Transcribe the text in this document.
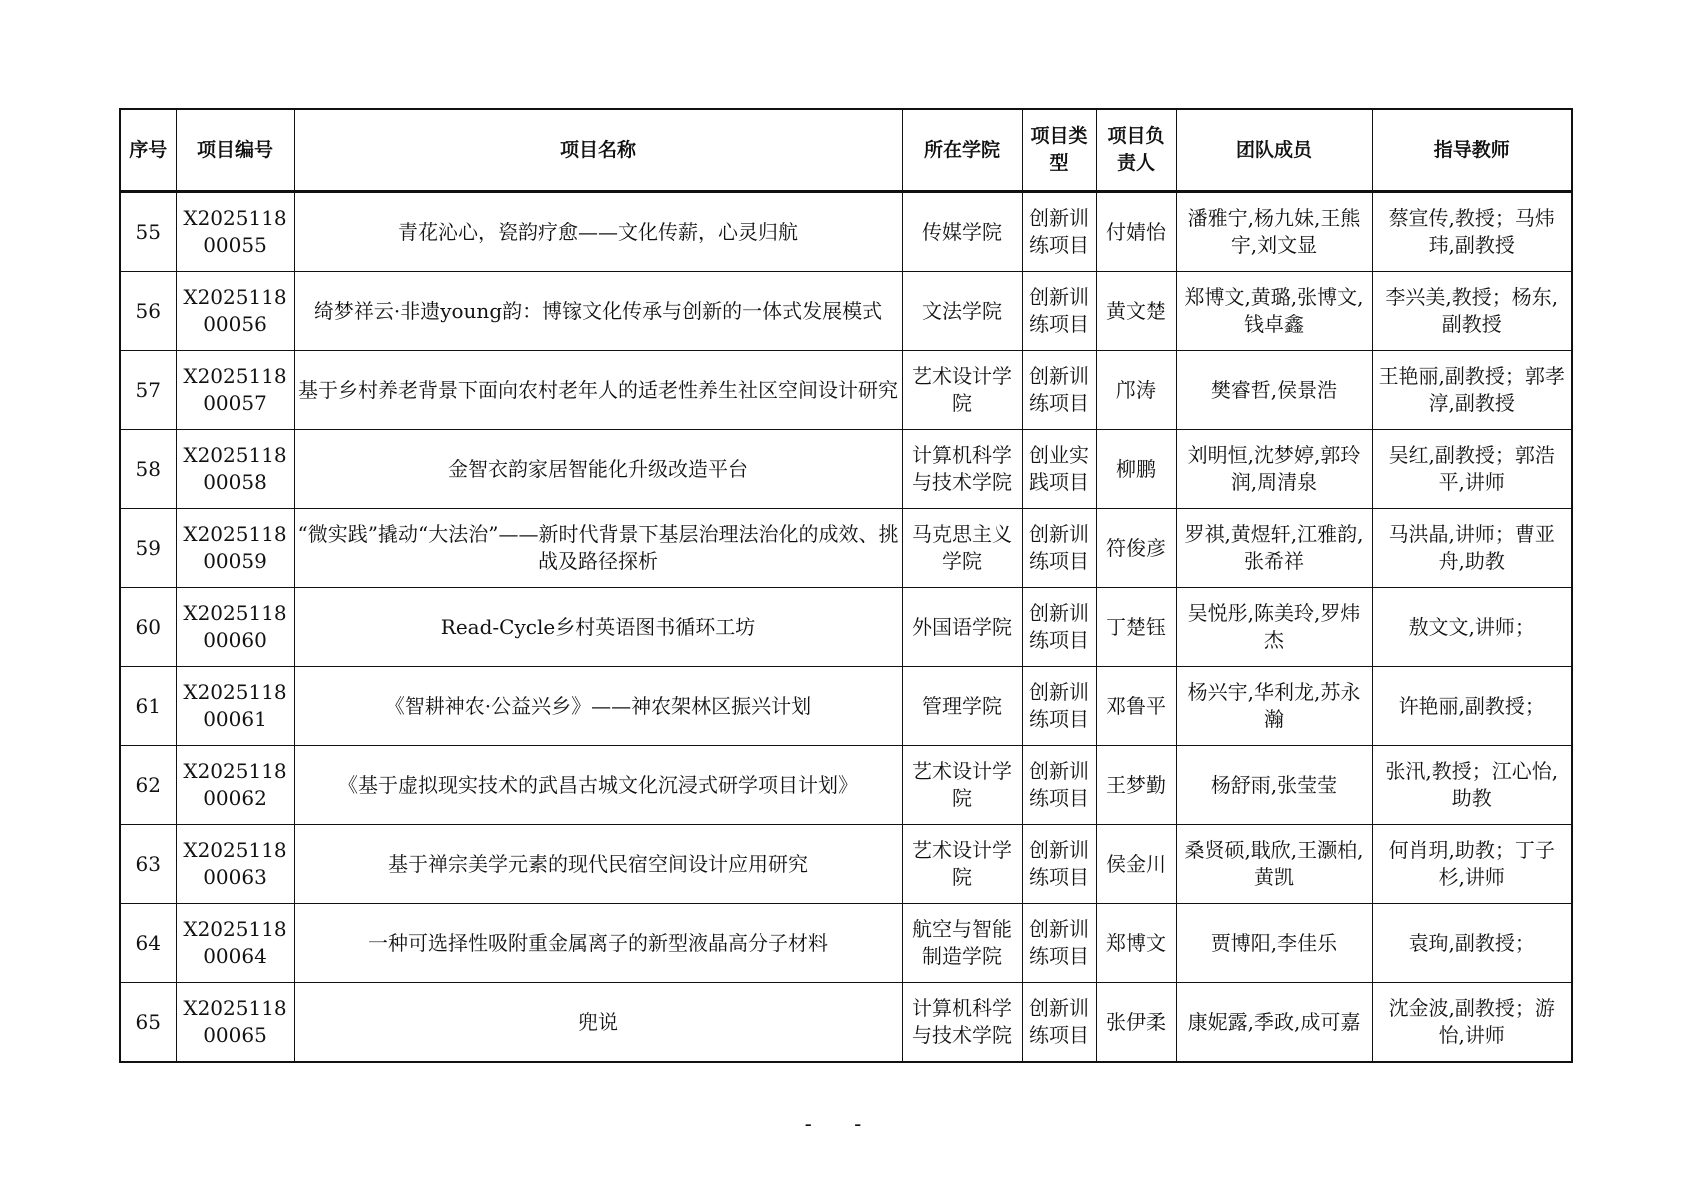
序号	项目编号	项目名称	所在学院	项目类型	项目负责人	团队成员	指导教师
55	X202511800055	青花沁心，瓷韵疗愈——文化传薪，心灵归航	传媒学院	创新训练项目	付婧怡	潘雅宁,杨九妹,王熊宇,刘文显	蔡宣传,教授；马炜玮,副教授
56	X202511800056	绮梦祥云·非遗young韵：博镓文化传承与创新的一体式发展模式	文法学院	创新训练项目	黄文楚	郑博文,黄璐,张博文,钱卓鑫	李兴美,教授；杨东,副教授
57	X202511800057	基于乡村养老背景下面向农村老年人的适老性养生社区空间设计研究	艺术设计学院	创新训练项目	邝涛	樊睿哲,侯景浩	王艳丽,副教授；郭孝淳,副教授
58	X202511800058	金智衣韵家居智能化升级改造平台	计算机科学与技术学院	创业实践项目	柳鹏	刘明恒,沈梦婷,郭玲润,周清泉	吴红,副教授；郭浩平,讲师
59	X202511800059	“微实践”撬动“大法治”——新时代背景下基层治理法治化的成效、挑战及路径探析	马克思主义学院	创新训练项目	符俊彦	罗祺,黄煜轩,江雅韵,张希祥	马洪晶,讲师；曹亚舟,助教
60	X202511800060	Read-Cycle乡村英语图书循环工坊	外国语学院	创新训练项目	丁楚钰	吴悦彤,陈美玲,罗炜杰	敖文文,讲师；
61	X202511800061	《智耕神农·公益兴乡》——神农架林区振兴计划	管理学院	创新训练项目	邓鲁平	杨兴宇,华利龙,苏永瀚	许艳丽,副教授；
62	X202511800062	《基于虚拟现实技术的武昌古城文化沉浸式研学项目计划》	艺术设计学院	创新训练项目	王梦勤	杨舒雨,张莹莹	张汛,教授；江心怡,助教
63	X202511800063	基于禅宗美学元素的现代民宿空间设计应用研究	艺术设计学院	创新训练项目	侯金川	桑贤硕,戢欣,王灏柏,黄凯	何肖玥,助教；丁子杉,讲师
64	X202511800064	一种可选择性吸附重金属离子的新型液晶高分子材料	航空与智能制造学院	创新训练项目	郑博文	贾博阳,李佳乐	袁珣,副教授；
65	X202511800065	兜说	计算机科学与技术学院	创新训练项目	张伊柔	康妮露,季政,成可嘉	沈金波,副教授；游怡,讲师
- -
